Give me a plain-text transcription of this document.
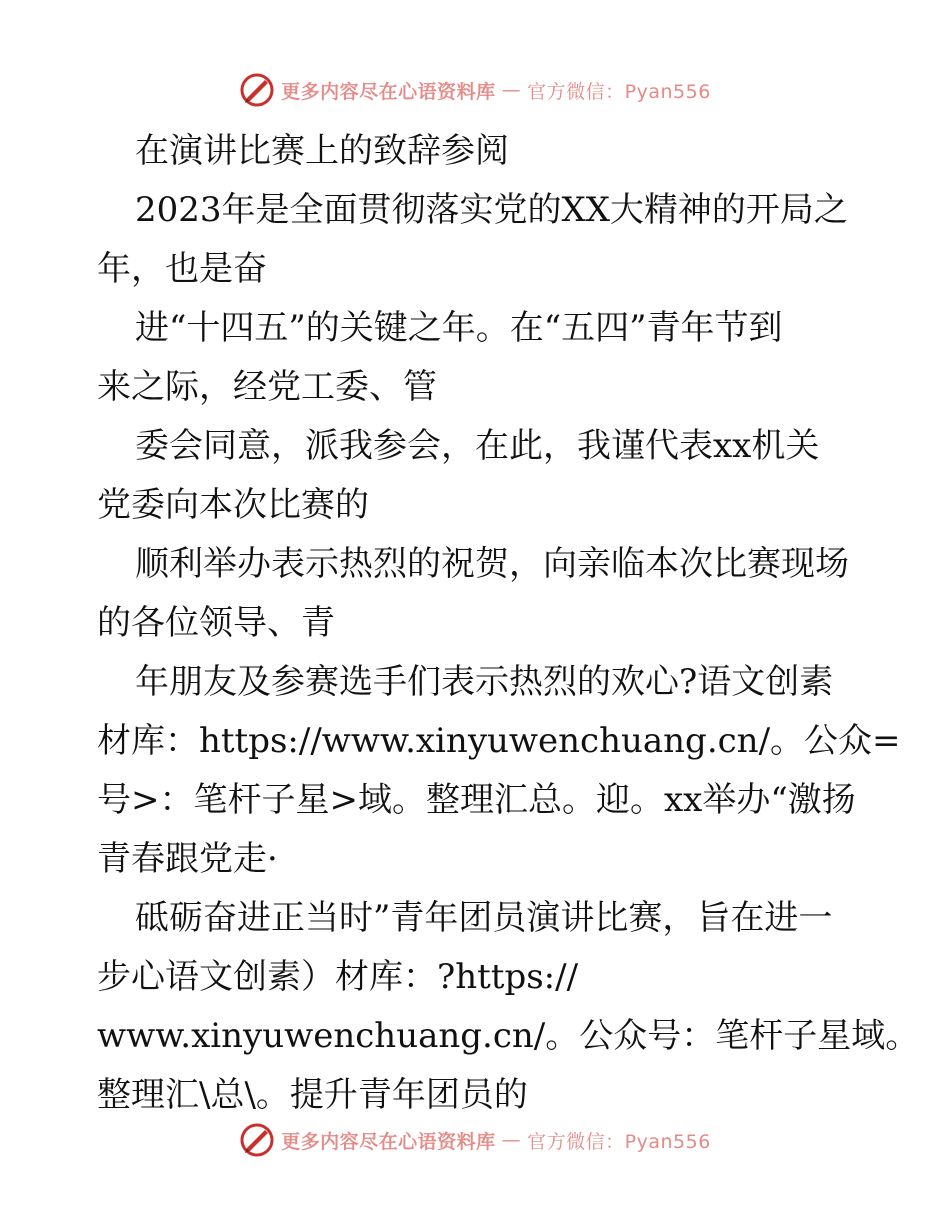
更多内容尽在心语资料库 — 官方微信：Pyan556
在演讲比赛上的致辞参阅
2023年是全面贯彻落实党的XX大精神的开局之
年，也是奋
进“十四五”的关键之年。在“五四”青年节到
来之际，经党工委、管
委会同意，派我参会，在此，我谨代表xx机关
党委向本次比赛的
顺利举办表示热烈的祝贺，向亲临本次比赛现场
的各位领导、青
年朋友及参赛选手们表示热烈的欢心?语文创素
材库：https://www.xinyuwenchuang.cn/。公众=
号>：笔杆子星>域。整理汇总。迎。xx举办“激扬
青春跟党走·
砥砺奋进正当时”青年团员演讲比赛，旨在进一
步心语文创素）材库：?https://
www.xinyuwenchuang.cn/。公众号：笔杆子星域。
整理汇\总\。提升青年团员的
更多内容尽在心语资料库 — 官方微信：Pyan556
